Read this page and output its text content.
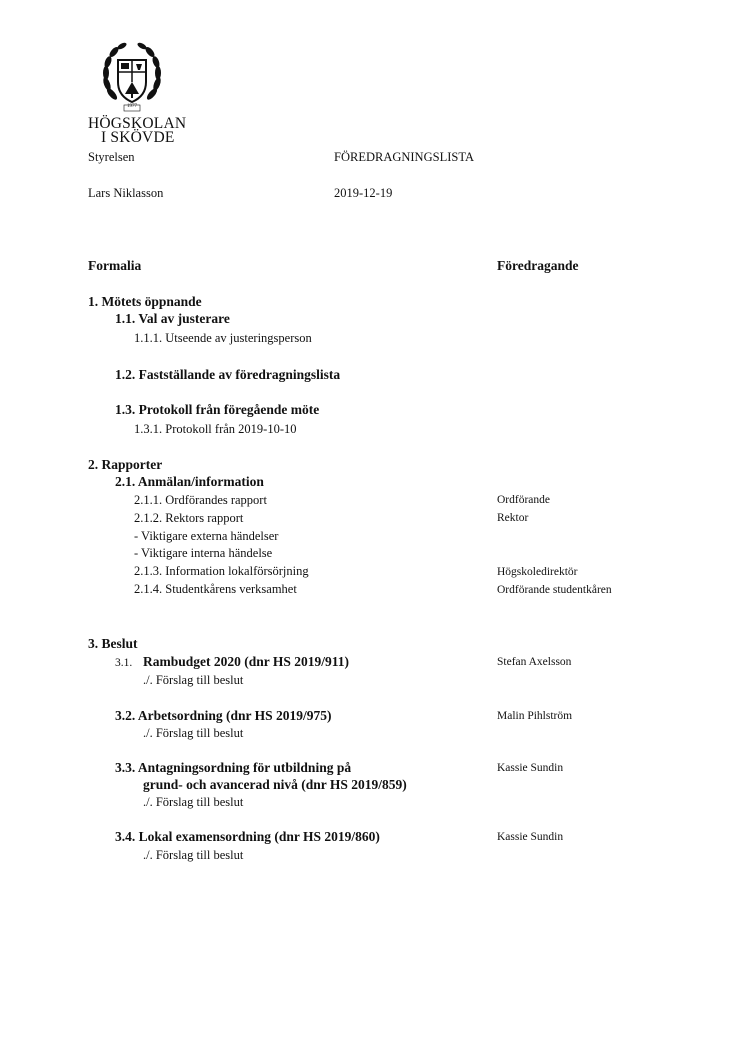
1977
HÖGSKOLAN
I SKÖVDE
Styrelsen	FÖREDRAGNINGSLISTA
Lars Niklasson	2019-12-19
Formalia	Föredragande
1. Mötets öppnande
1.1. Val av justerare
1.1.1. Utseende av justeringsperson
1.2. Fastställande av föredragningslista
1.3. Protokoll från föregående möte
1.3.1. Protokoll från 2019-10-10
2. Rapporter
2.1. Anmälan/information
2.1.1. Ordförandes rapport	Ordförande
2.1.2. Rektors rapport	Rektor
- Viktigare externa händelser
- Viktigare interna händelse
2.1.3. Information lokalförsörjning	Högskoledirektör
2.1.4. Studentkårens verksamhet	Ordförande studentkåren
3. Beslut
3.1. Rambudget 2020 (dnr HS 2019/911)	Stefan Axelsson
./. Förslag till beslut
3.2. Arbetsordning (dnr HS 2019/975)	Malin Pihlström
./. Förslag till beslut
3.3. Antagningsordning för utbildning på	Kassie Sundin
grund- och avancerad nivå (dnr HS 2019/859)
./. Förslag till beslut
3.4. Lokal examensordning (dnr HS 2019/860)	Kassie Sundin
./. Förslag till beslut
